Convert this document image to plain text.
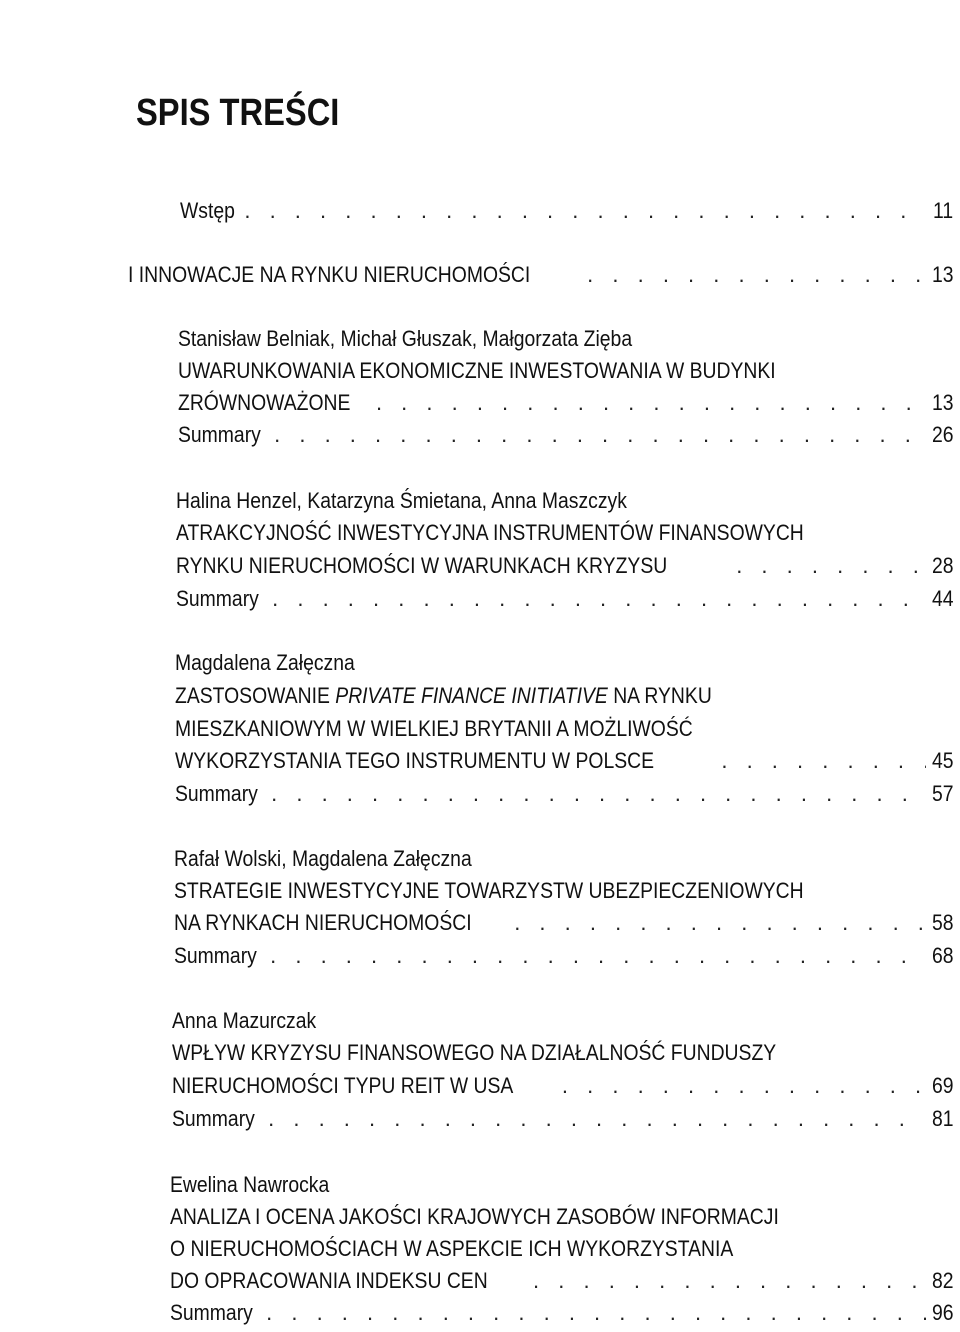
SPIS TREŚCI
Wstęp . . .	11
I INNOWACJE NA RYNKU NIERUCHOMOŚCI . . .	13
Stanisław Belniak, Michał Głuszak, Małgorzata Zięba
UWARUNKOWANIA EKONOMICZNE INWESTOWANIA W BUDYNKI
ZRÓWNOWAŻONE . . .	13
Summary . . .	26
Halina Henzel, Katarzyna Śmietana, Anna Maszczyk
ATRAKCYJNOŚĆ INWESTYCYJNA INSTRUMENTÓW FINANSOWYCH
RYNKU NIERUCHOMOŚCI W WARUNKACH KRYZYSU . . .	28
Summary . . .	44
Magdalena Załęczna
ZASTOSOWANIE PRIVATE FINANCE INITIATIVE NA RYNKU
MIESZKANIOWYM W WIELKIEJ BRYTANII A MOŻLIWOŚĆ
WYKORZYSTANIA TEGO INSTRUMENTU W POLSCE . . .	45
Summary . . .	57
Rafał Wolski, Magdalena Załęczna
STRATEGIE INWESTYCYJNE TOWARZYSTW UBEZPIECZENIOWYCH
NA RYNKACH NIERUCHOMOŚCI . . .	58
Summary . . .	68
Anna Mazurczak
WPŁYW KRYZYSU FINANSOWEGO NA DZIAŁALNOŚĆ FUNDUSZY
NIERUCHOMOŚCI TYPU REIT W USA . . .	69
Summary . . .	81
Ewelina Nawrocka
ANALIZA I OCENA JAKOŚCI KRAJOWYCH ZASOBÓW INFORMACJI
O NIERUCHOMOŚCIACH W ASPEKCIE ICH WYKORZYSTANIA
DO OPRACOWANIA INDEKSU CEN . . .	82
Summary . . .	96
